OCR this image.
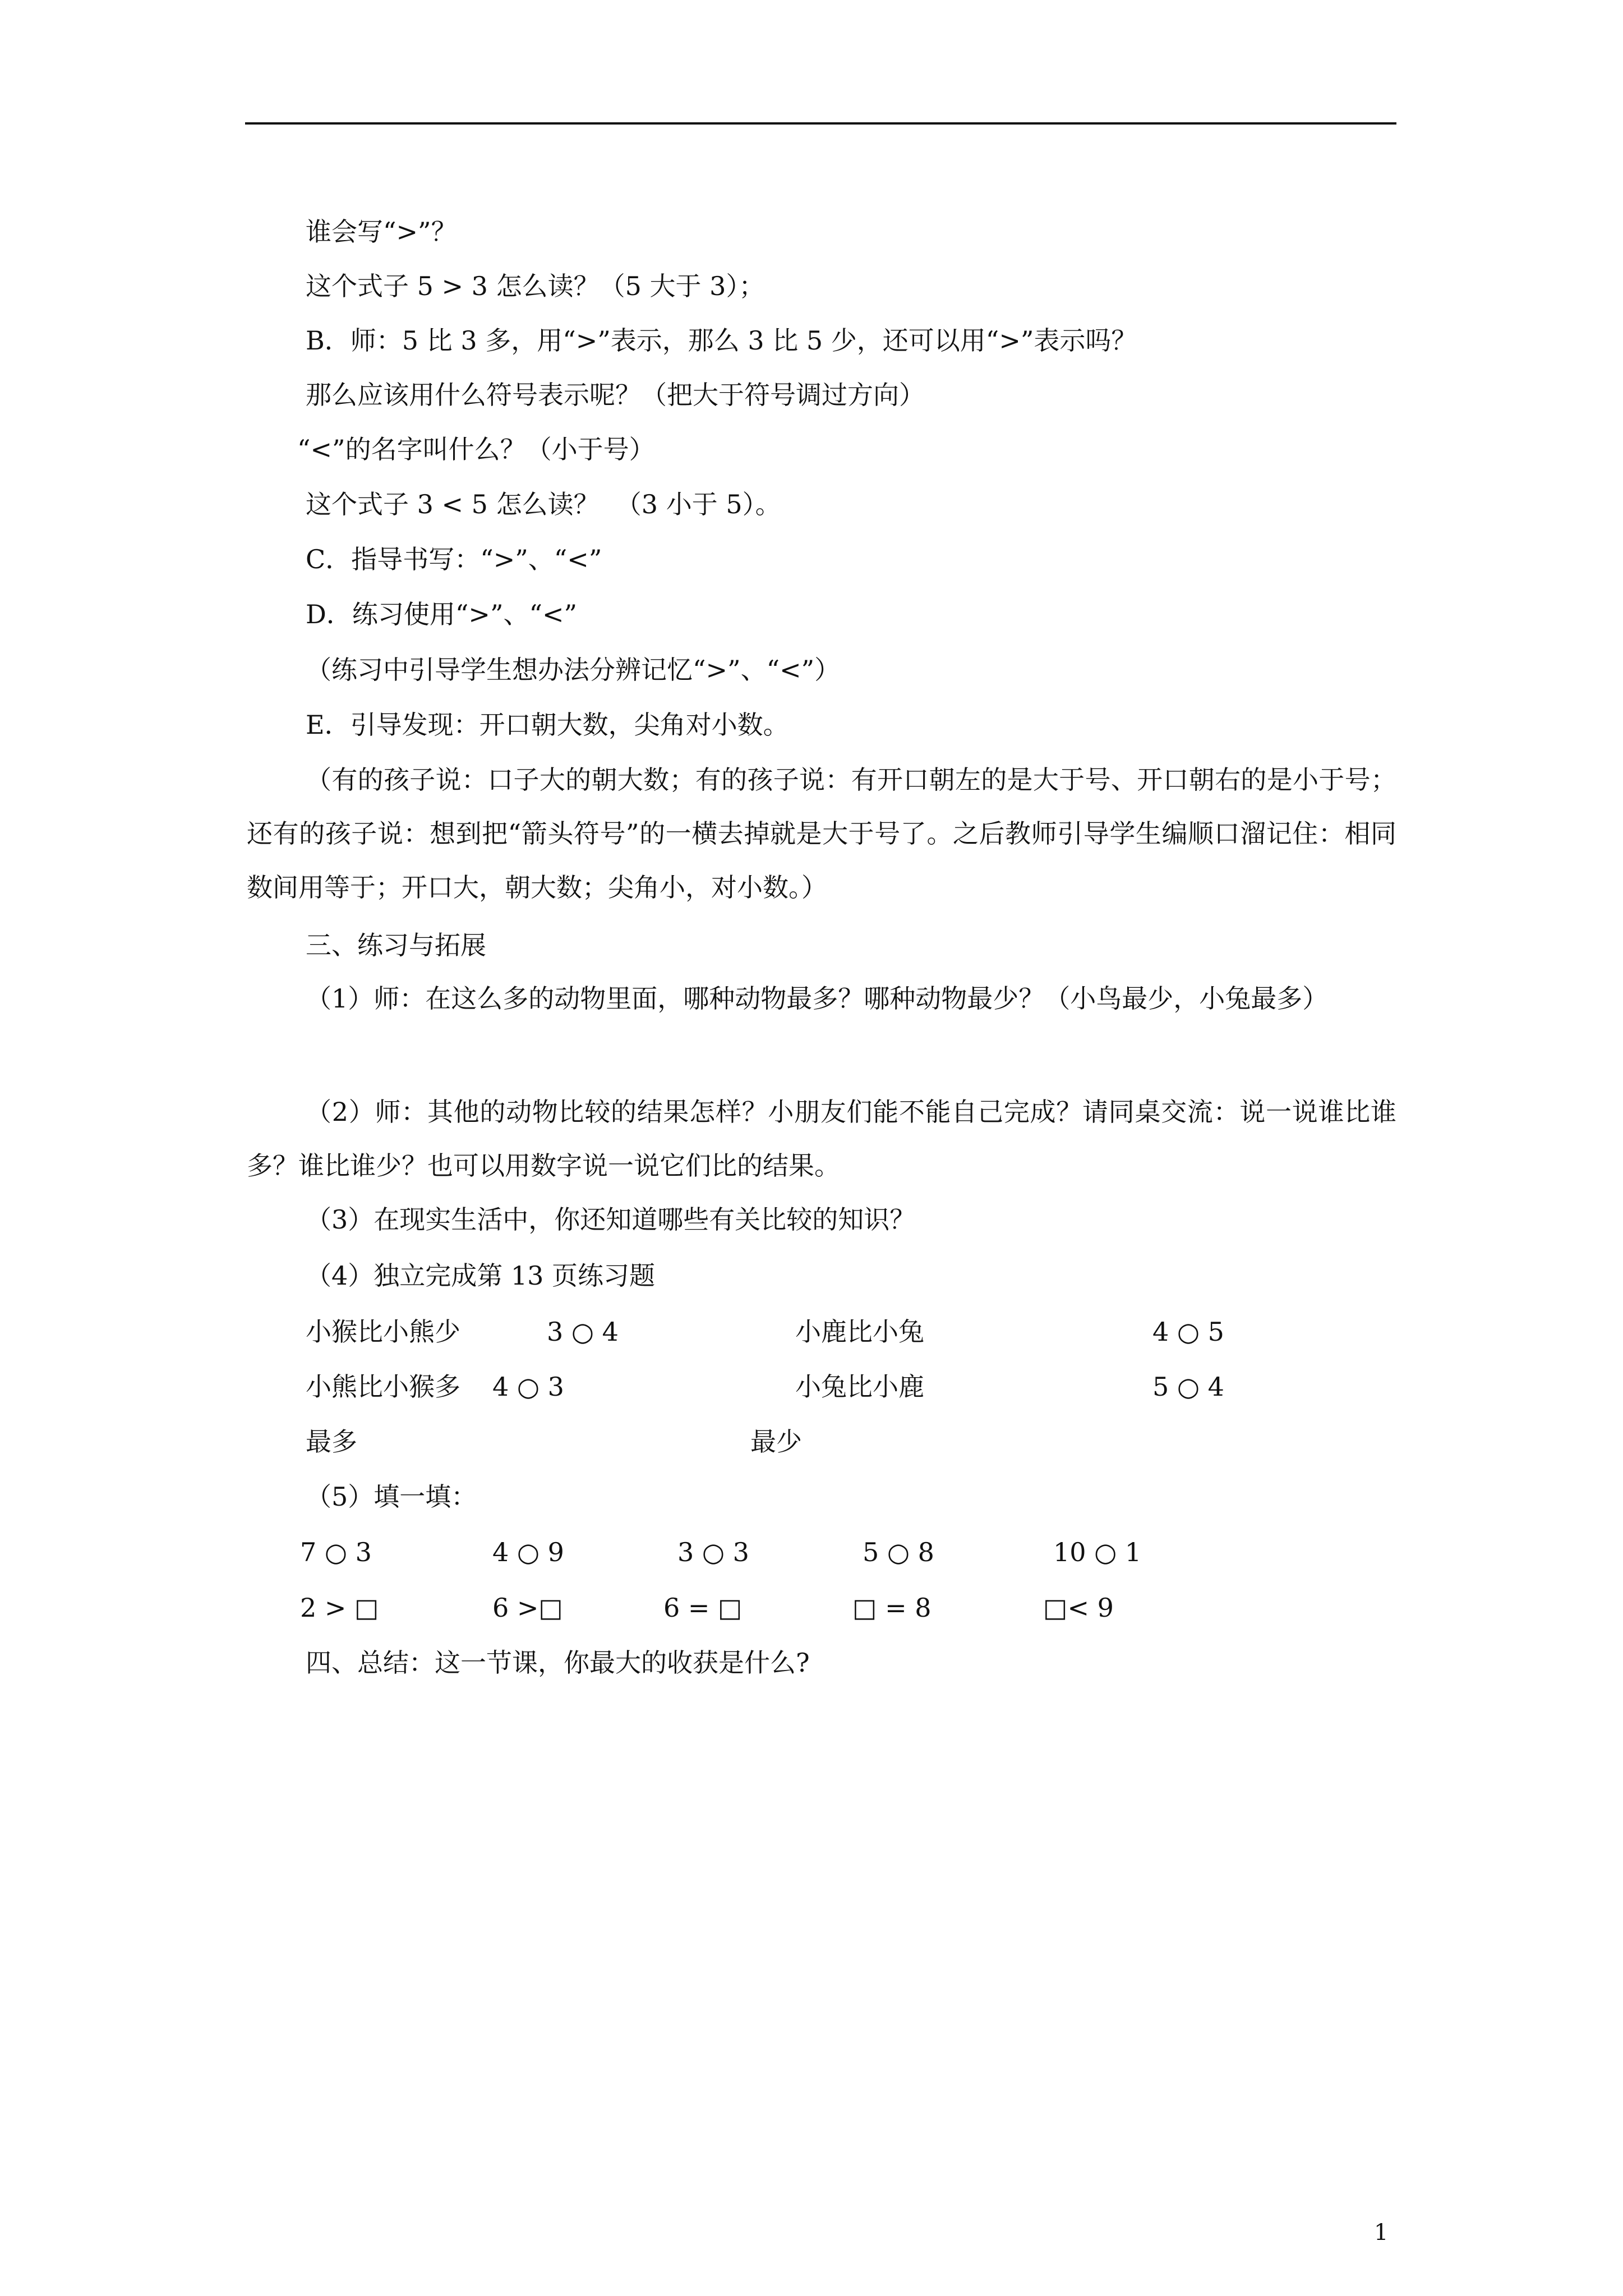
谁会写“>”？
这个式子 5 > 3 怎么读？（5 大于 3）；
B．师：5 比 3 多，用“>”表示，那么 3 比 5 少，还可以用“>”表示吗？
那么应该用什么符号表示呢？（把大于符号调过方向）
“<”的名字叫什么？（小于号）
这个式子 3 < 5 怎么读？  （3 小于 5）。
C．指导书写：“>”、“<”
D．练习使用“>”、“<”
（练习中引导学生想办法分辨记忆“>”、“<”）
E．引导发现：开口朝大数，尖角对小数。
（有的孩子说：口子大的朝大数；有的孩子说：有开口朝左的是大于号、开口朝右的是小于号；还有的孩子说：想到把“箭头符号”的一横去掉就是大于号了。之后教师引导学生编顺口溜记住：相同数间用等于；开口大，朝大数；尖角小，对小数。）
三、练习与拓展
（1）师：在这么多的动物里面，哪种动物最多？哪种动物最少？（小鸟最少，小兔最多）
（2）师：其他的动物比较的结果怎样？小朋友们能不能自己完成？请同桌交流：说一说谁比谁多？谁比谁少？也可以用数字说一说它们比的结果。
（3）在现实生活中，你还知道哪些有关比较的知识？
（4）独立完成第 13 页练习题
小猴比小熊少	3 ○ 4	小鹿比小兔	4 ○ 5
小熊比小猴多 4 ○ 3	小兔比小鹿	5 ○ 4
最多	最少
（5）填一填：
7 ○ 3	4 ○ 9	3 ○ 3	5 ○ 8	10 ○ 1
2 > □	6 >□	6 = □	□ = 8	□< 9
四、总结：这一节课，你最大的收获是什么?
1
